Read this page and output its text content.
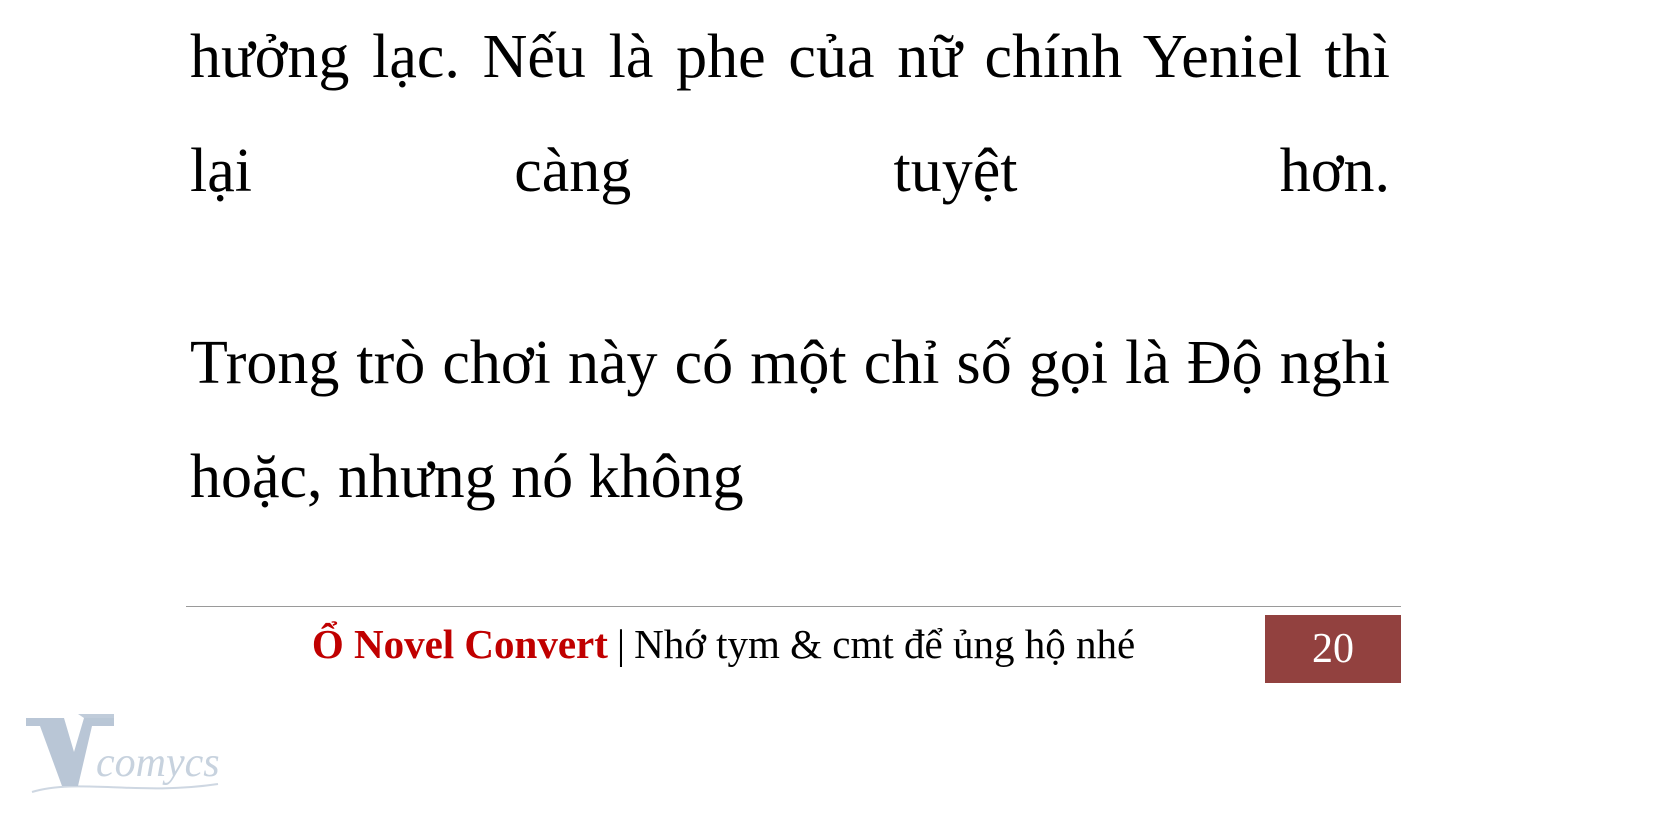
hưởng lạc. Nếu là phe của nữ chính Yeniel thì lại càng tuyệt hơn.

Trong trò chơi này có một chỉ số gọi là Độ nghi hoặc, nhưng nó không

Ổ Novel Convert | Nhớ tym & cmt để ủng hộ nhé	20
comycs
